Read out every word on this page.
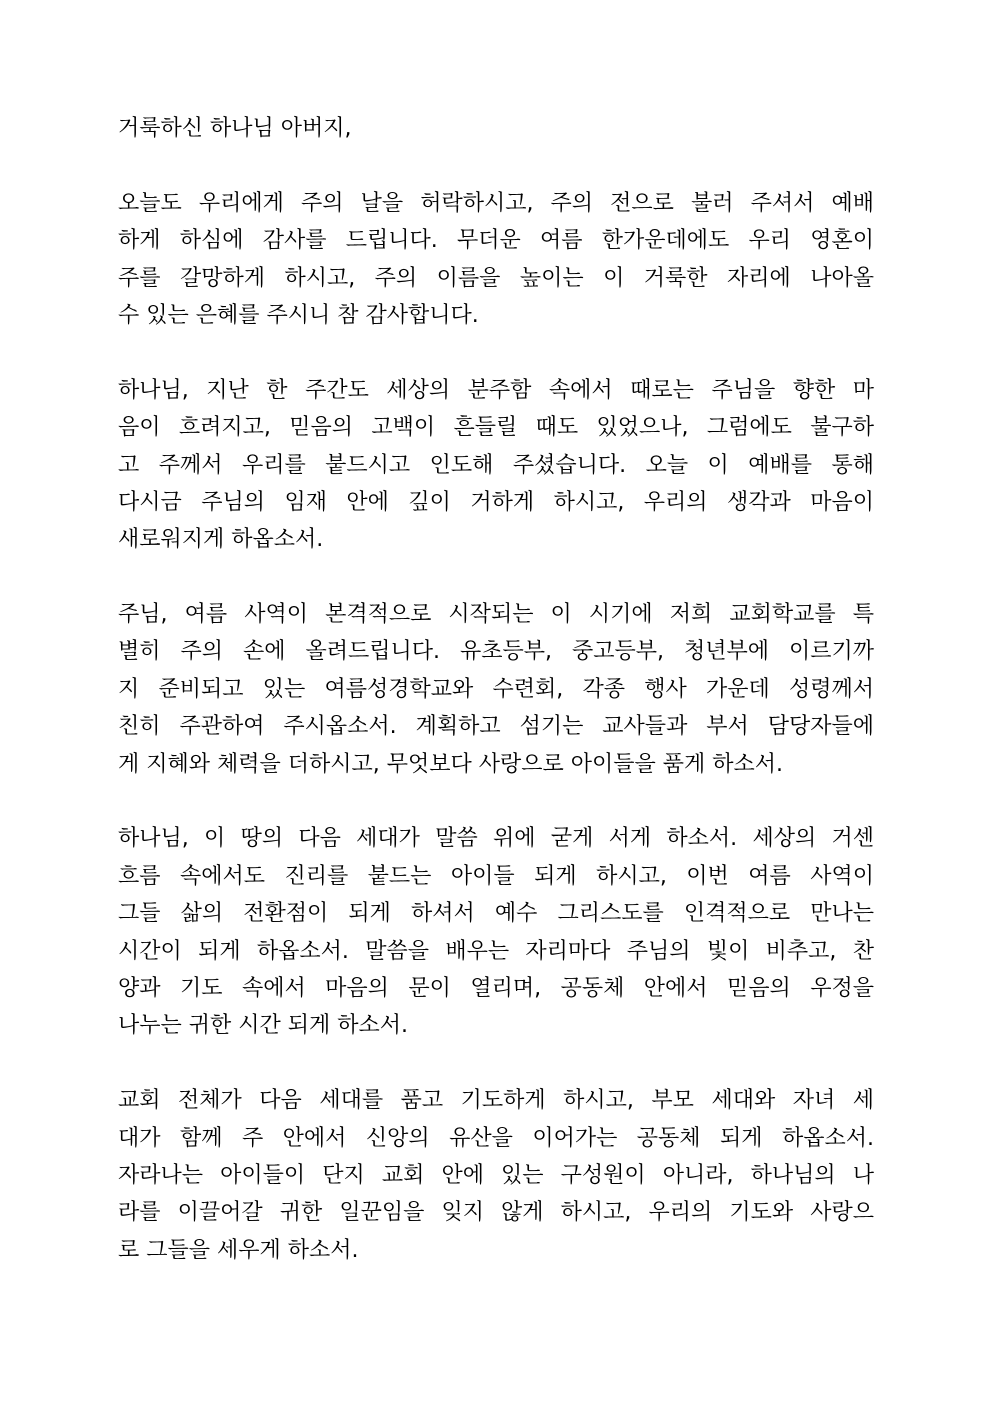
거룩하신 하나님 아버지,
오늘도 우리에게 주의 날을 허락하시고, 주의 전으로 불러 주셔서 예배
하게 하심에 감사를 드립니다. 무더운 여름 한가운데에도 우리 영혼이
주를 갈망하게 하시고, 주의 이름을 높이는 이 거룩한 자리에 나아올
수 있는 은혜를 주시니 참 감사합니다.
하나님, 지난 한 주간도 세상의 분주함 속에서 때로는 주님을 향한 마
음이 흐려지고, 믿음의 고백이 흔들릴 때도 있었으나, 그럼에도 불구하
고 주께서 우리를 붙드시고 인도해 주셨습니다. 오늘 이 예배를 통해
다시금 주님의 임재 안에 깊이 거하게 하시고, 우리의 생각과 마음이
새로워지게 하옵소서.
주님, 여름 사역이 본격적으로 시작되는 이 시기에 저희 교회학교를 특
별히 주의 손에 올려드립니다. 유초등부, 중고등부, 청년부에 이르기까
지 준비되고 있는 여름성경학교와 수련회, 각종 행사 가운데 성령께서
친히 주관하여 주시옵소서. 계획하고 섬기는 교사들과 부서 담당자들에
게 지혜와 체력을 더하시고, 무엇보다 사랑으로 아이들을 품게 하소서.
하나님, 이 땅의 다음 세대가 말씀 위에 굳게 서게 하소서. 세상의 거센
흐름 속에서도 진리를 붙드는 아이들 되게 하시고, 이번 여름 사역이
그들 삶의 전환점이 되게 하셔서 예수 그리스도를 인격적으로 만나는
시간이 되게 하옵소서. 말씀을 배우는 자리마다 주님의 빛이 비추고, 찬
양과 기도 속에서 마음의 문이 열리며, 공동체 안에서 믿음의 우정을
나누는 귀한 시간 되게 하소서.
교회 전체가 다음 세대를 품고 기도하게 하시고, 부모 세대와 자녀 세
대가 함께 주 안에서 신앙의 유산을 이어가는 공동체 되게 하옵소서.
자라나는 아이들이 단지 교회 안에 있는 구성원이 아니라, 하나님의 나
라를 이끌어갈 귀한 일꾼임을 잊지 않게 하시고, 우리의 기도와 사랑으
로 그들을 세우게 하소서.
